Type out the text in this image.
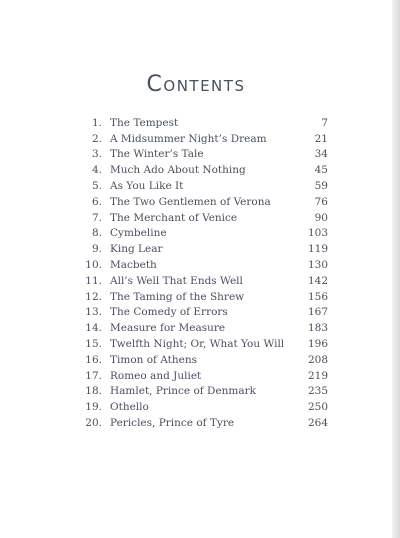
Contents
1. The Tempest	7
2. A Midsummer Night’s Dream	21
3. The Winter’s Tale	34
4. Much Ado About Nothing	45
5. As You Like It	59
6. The Two Gentlemen of Verona	76
7. The Merchant of Venice	90
8. Cymbeline	103
9. King Lear	119
10. Macbeth	130
11. All’s Well That Ends Well	142
12. The Taming of the Shrew	156
13. The Comedy of Errors	167
14. Measure for Measure	183
15. Twelfth Night; Or, What You Will	196
16. Timon of Athens	208
17. Romeo and Juliet	219
18. Hamlet, Prince of Denmark	235
19. Othello	250
20. Pericles, Prince of Tyre	264
